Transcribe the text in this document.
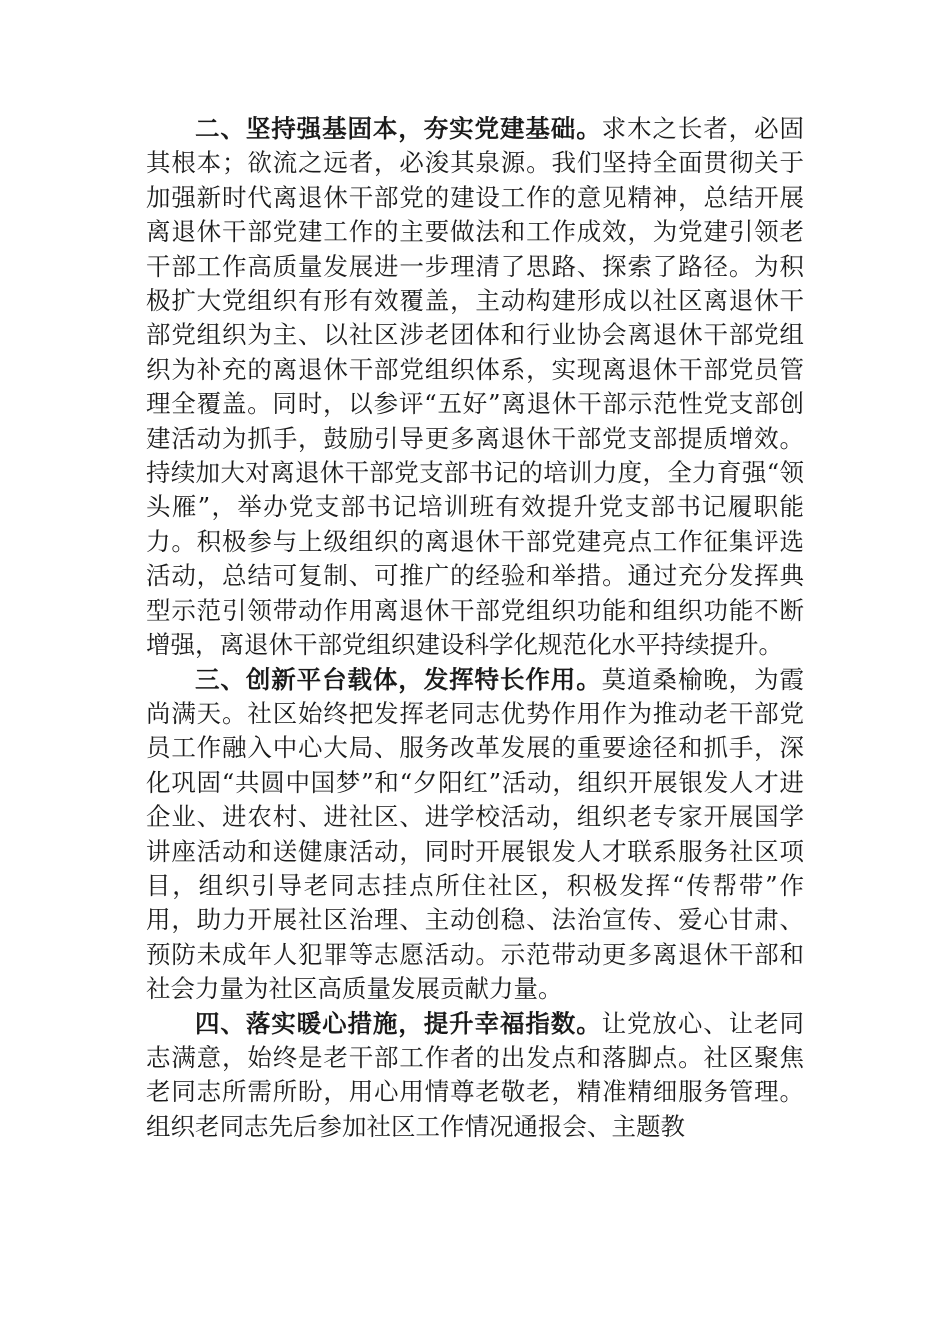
二、坚持强基固本，夯实党建基础。求木之长者，必固其根本；欲流之远者，必浚其泉源。我们坚持全面贯彻关于加强新时代离退休干部党的建设工作的意见精神，总结开展离退休干部党建工作的主要做法和工作成效，为党建引领老干部工作高质量发展进一步理清了思路、探索了路径。为积极扩大党组织有形有效覆盖，主动构建形成以社区离退休干部党组织为主、以社区涉老团体和行业协会离退休干部党组织为补充的离退休干部党组织体系，实现离退休干部党员管理全覆盖。同时，以参评“五好”离退休干部示范性党支部创建活动为抓手，鼓励引导更多离退休干部党支部提质增效。持续加大对离退休干部党支部书记的培训力度，全力育强“领头雁”，举办党支部书记培训班有效提升党支部书记履职能力。积极参与上级组织的离退休干部党建亮点工作征集评选活动，总结可复制、可推广的经验和举措。通过充分发挥典型示范引领带动作用离退休干部党组织功能和组织功能不断增强，离退休干部党组织建设科学化规范化水平持续提升。

三、创新平台载体，发挥特长作用。莫道桑榆晚，为霞尚满天。社区始终把发挥老同志优势作用作为推动老干部党员工作融入中心大局、服务改革发展的重要途径和抓手，深化巩固“共圆中国梦”和“夕阳红”活动，组织开展银发人才进企业、进农村、进社区、进学校活动，组织老专家开展国学讲座活动和送健康活动，同时开展银发人才联系服务社区项目，组织引导老同志挂点所住社区，积极发挥“传帮带”作用，助力开展社区治理、主动创稳、法治宣传、爱心甘肃、预防未成年人犯罪等志愿活动。示范带动更多离退休干部和社会力量为社区高质量发展贡献力量。

四、落实暖心措施，提升幸福指数。让党放心、让老同志满意，始终是老干部工作者的出发点和落脚点。社区聚焦老同志所需所盼，用心用情尊老敬老，精准精细服务管理。组织老同志先后参加社区工作情况通报会、主题教
